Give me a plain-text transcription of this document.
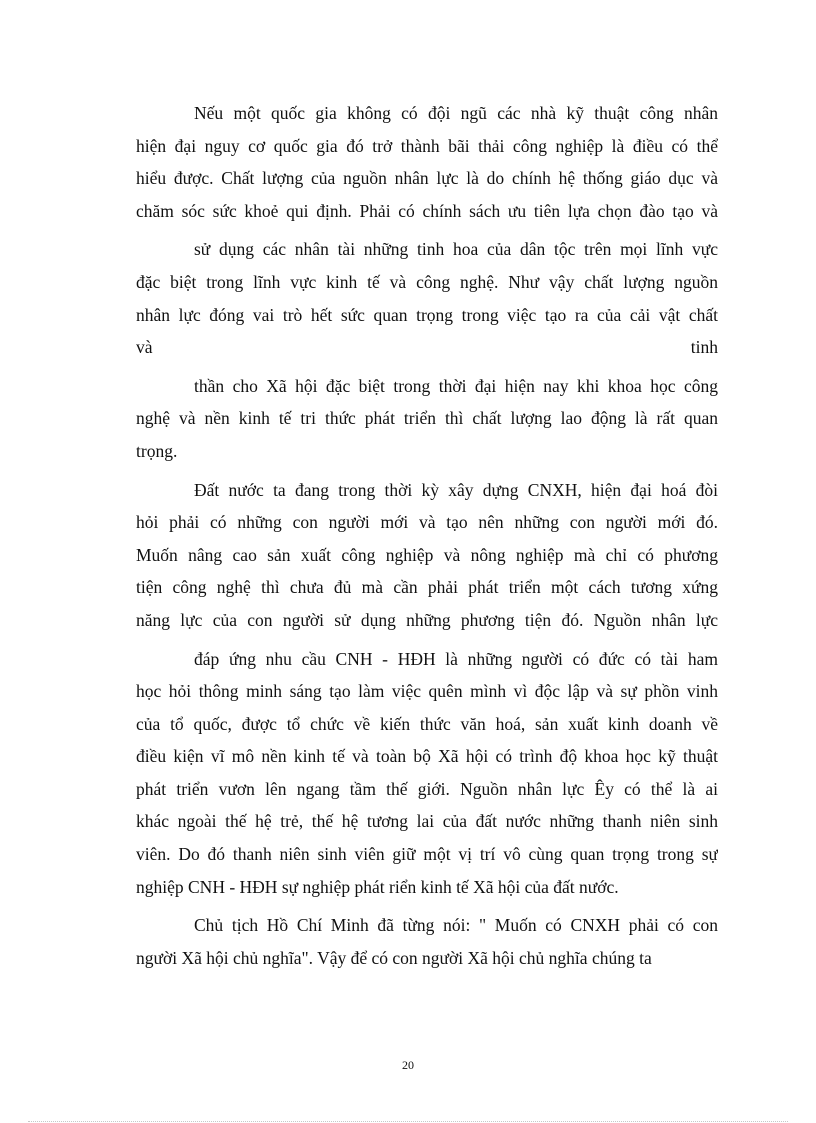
Nếu một quốc gia không có đội ngũ các nhà kỹ thuật công nhân
hiện đại nguy cơ quốc gia đó trở thành bãi thải công nghiệp là điều có thể
hiểu được. Chất lượng của nguồn nhân lực là do chính hệ thống giáo dục và
chăm sóc sức khoẻ qui định. Phải có chính sách ưu tiên lựa chọn đào tạo và
sử dụng các nhân tài những tinh hoa của dân tộc trên mọi lĩnh vực
đặc biệt trong lĩnh vực kinh tế và công nghệ. Như vậy chất lượng nguồn
nhân lực đóng vai trò hết sức quan trọng trong việc tạo ra của cải vật chất
và tinh
thần cho Xã hội đặc biệt trong thời đại hiện nay khi khoa học công
nghệ và nền kinh tế tri thức phát triển thì chất lượng lao động là rất quan
trọng.
Đất nước ta đang trong thời kỳ xây dựng CNXH, hiện đại hoá đòi
hỏi phải có những con người mới và tạo nên những con người mới đó.
Muốn nâng cao sản xuất công nghiệp và nông nghiệp mà chỉ có phương
tiện công nghệ thì chưa đủ mà cần phải phát triển một cách tương xứng
năng lực của con người sử dụng những phương tiện đó. Nguồn nhân lực
đáp ứng nhu cầu CNH - HĐH là những người có đức có tài ham
học hỏi thông minh sáng tạo làm việc quên mình vì độc lập và sự phồn vinh
của tổ quốc, được tổ chức về kiến thức văn hoá, sản xuất kinh doanh về
điều kiện vĩ mô nền kinh tế và toàn bộ Xã hội có trình độ khoa học kỹ thuật
phát triển vươn lên ngang tầm thế giới. Nguồn nhân lực Êy có thể là ai
khác ngoài thế hệ trẻ, thế hệ tương lai của đất nước những thanh niên sinh
viên. Do đó thanh niên sinh viên giữ một vị trí vô cùng quan trọng trong sự
nghiệp CNH - HĐH sự nghiệp phát riển kinh tế Xã hội của đất nước.
Chủ tịch Hồ Chí Minh đã từng nói: " Muốn có CNXH phải có con
người Xã hội chủ nghĩa". Vậy để có con người Xã hội chủ nghĩa chúng ta
20
